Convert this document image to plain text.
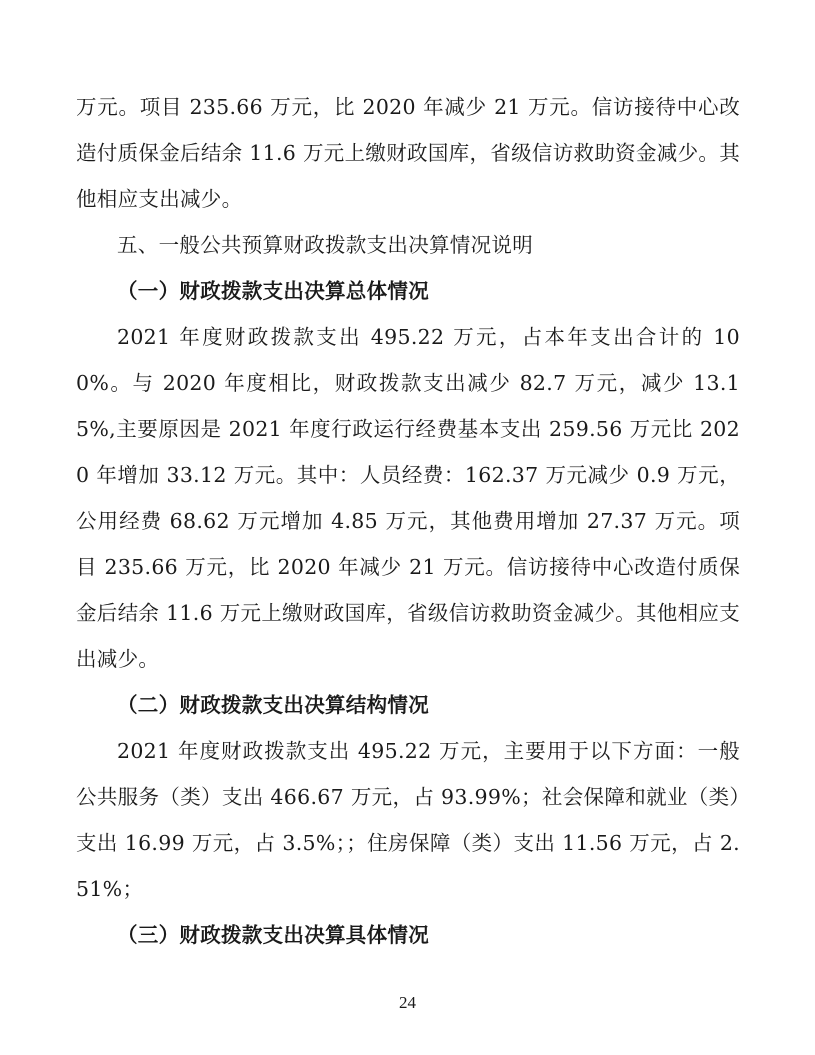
万元。项目 235.66 万元，比 2020 年减少 21 万元。信访接待中心改造付质保金后结余 11.6 万元上缴财政国库，省级信访救助资金减少。其他相应支出减少。

五、一般公共预算财政拨款支出决算情况说明

（一）财政拨款支出决算总体情况

2021 年度财政拨款支出 495.22 万元，占本年支出合计的 100%。与 2020 年度相比，财政拨款支出减少 82.7 万元，减少 13.15%,主要原因是 2021 年度行政运行经费基本支出 259.56 万元比 2020 年增加 33.12 万元。其中：人员经费：162.37 万元减少 0.9 万元，公用经费 68.62 万元增加 4.85 万元，其他费用增加 27.37 万元。项目 235.66 万元，比 2020 年减少 21 万元。信访接待中心改造付质保金后结余 11.6 万元上缴财政国库，省级信访救助资金减少。其他相应支出减少。

（二）财政拨款支出决算结构情况

2021 年度财政拨款支出 495.22 万元，主要用于以下方面：一般公共服务（类）支出 466.67 万元，占 93.99%；社会保障和就业（类）支出 16.99 万元，占 3.5%；；住房保障（类）支出 11.56 万元，占 2.51%；

（三）财政拨款支出决算具体情况

24
